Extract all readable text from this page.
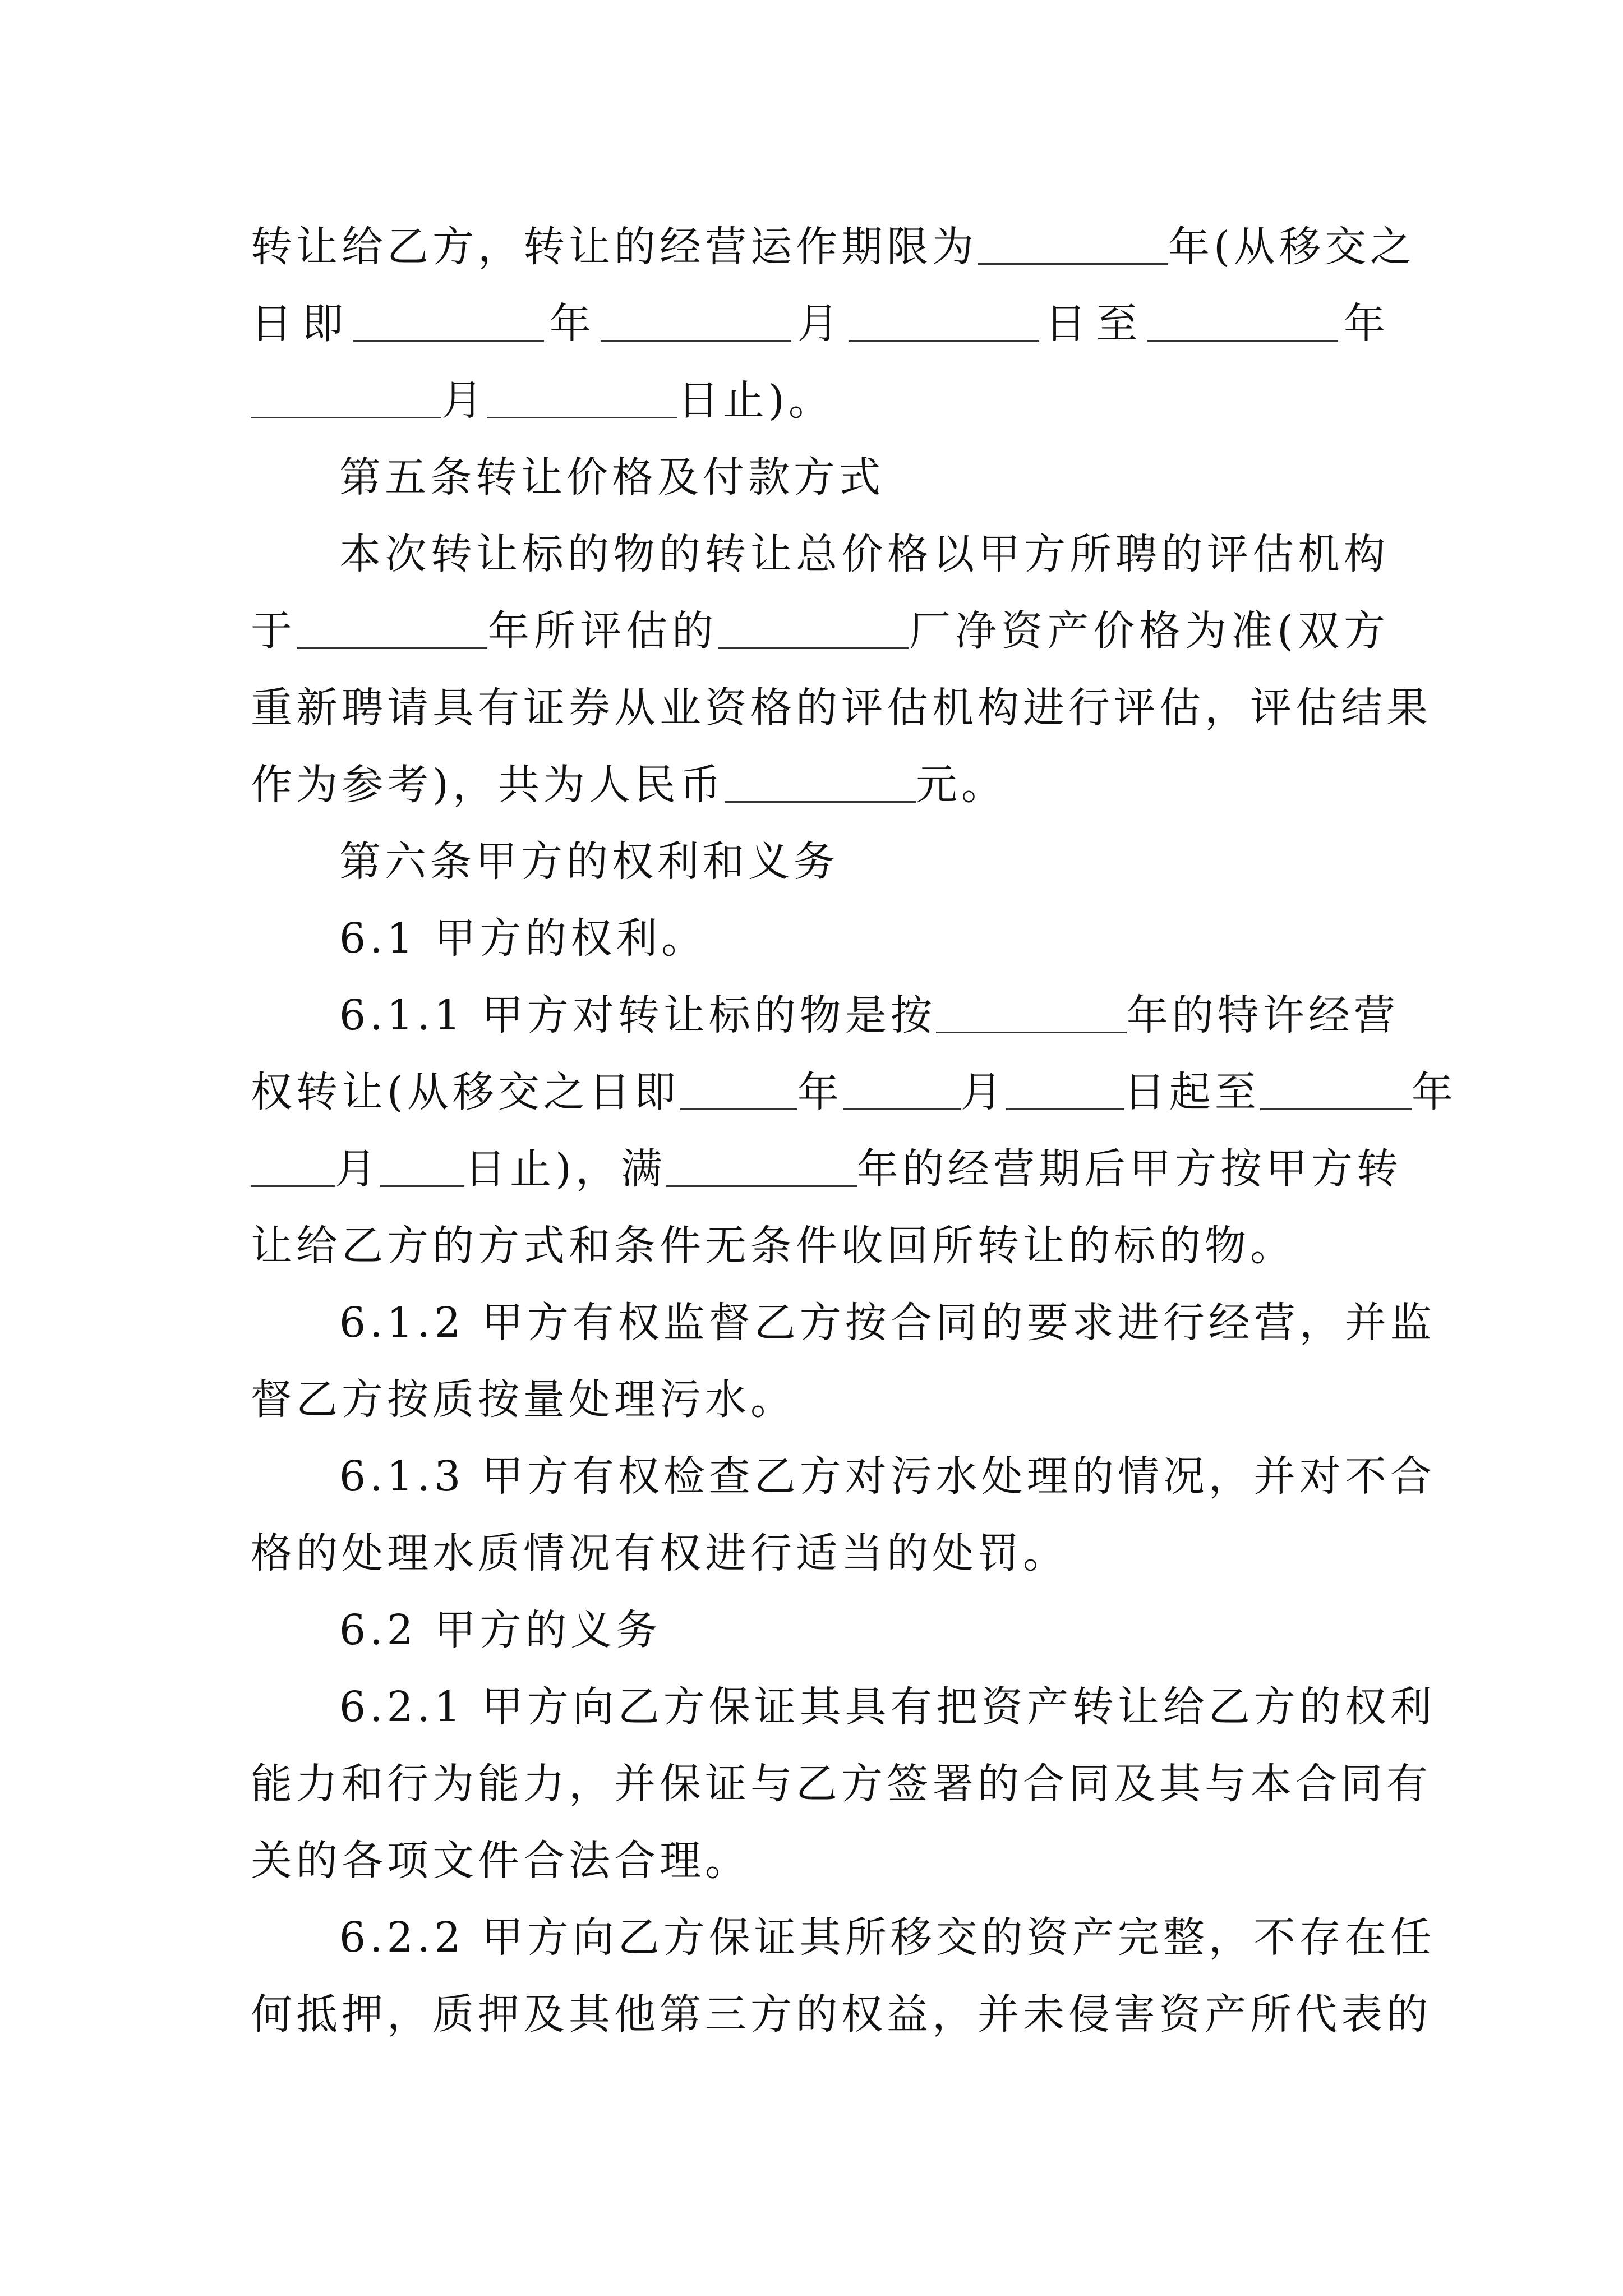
转让给乙方，转让的经营运作期限为	年(从移交之
日即	年	月	日至	年
月	日止)。
第五条转让价格及付款方式
本次转让标的物的转让总价格以甲方所聘的评估机构
于	年所评估的	厂净资产价格为准(双方
重新聘请具有证券从业资格的评估机构进行评估，评估结果
作为参考)，共为人民币	元。
第六条甲方的权利和义务
6.1 甲方的权利。
6.1.1 甲方对转让标的物是按	年的特许经营
权转让(从移交之日即	年	月	日起至	年
月 日止)，满	年的经营期后甲方按甲方转
让给乙方的方式和条件无条件收回所转让的标的物。
6.1.2 甲方有权监督乙方按合同的要求进行经营，并监
督乙方按质按量处理污水。
6.1.3 甲方有权检查乙方对污水处理的情况，并对不合
格的处理水质情况有权进行适当的处罚。
6.2 甲方的义务
6.2.1 甲方向乙方保证其具有把资产转让给乙方的权利
能力和行为能力，并保证与乙方签署的合同及其与本合同有
关的各项文件合法合理。
6.2.2 甲方向乙方保证其所移交的资产完整，不存在任
何抵押，质押及其他第三方的权益，并未侵害资产所代表的
